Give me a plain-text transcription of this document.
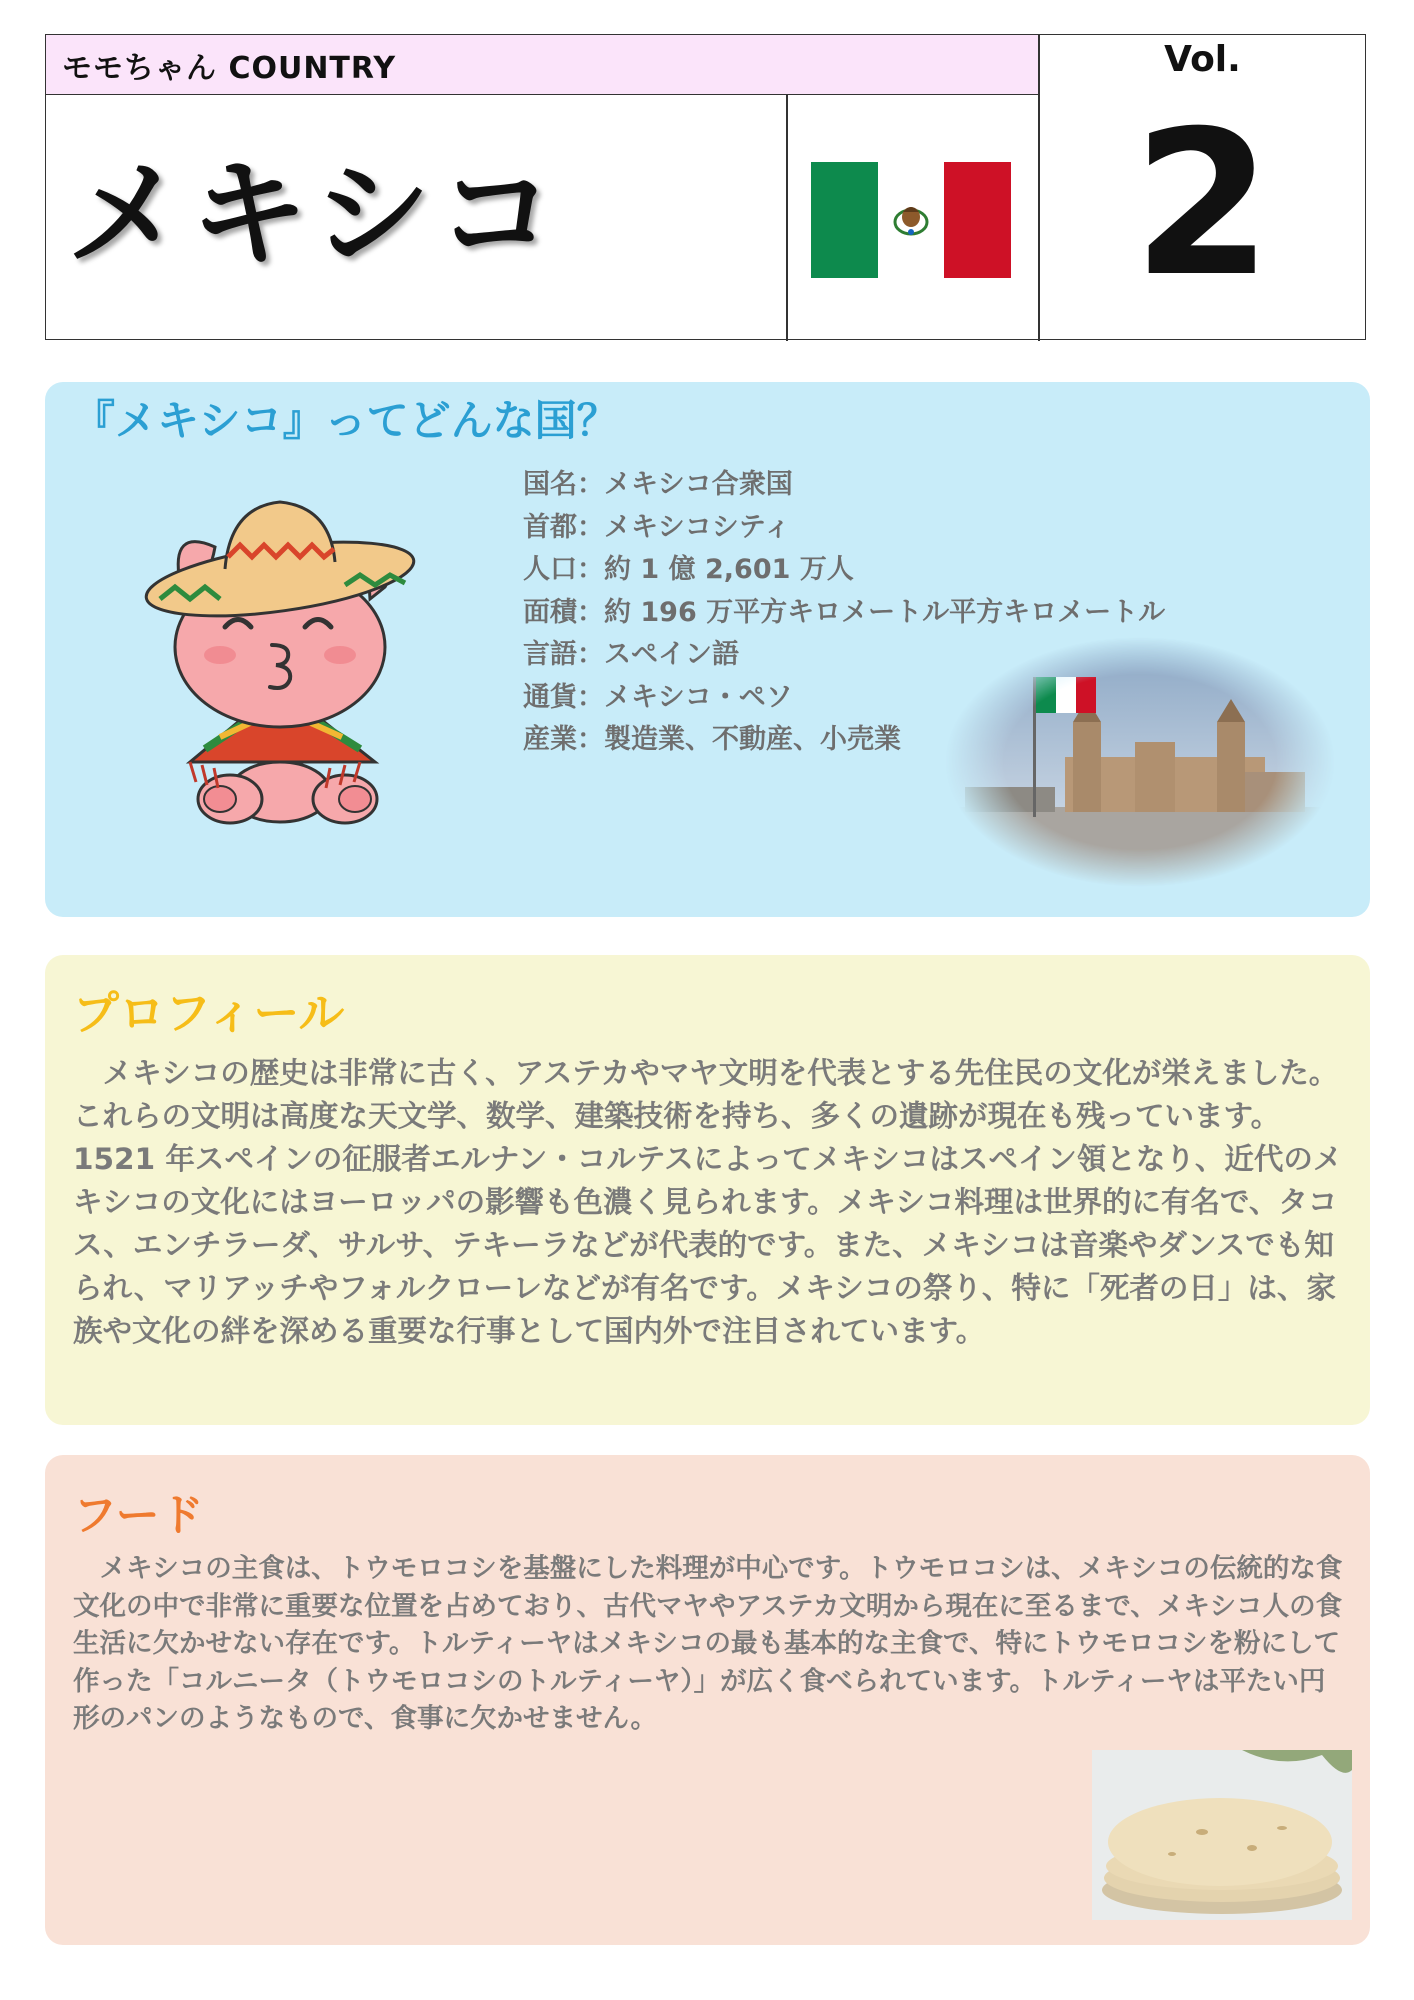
モモちゃん COUNTRY
メキシコ
Vol.
2
『メキシコ』ってどんな国？
国名：メキシコ合衆国
首都：メキシコシティ
人口：約 1 億 2,601 万人
面積：約 196 万平方キロメートル平方キロメートル
言語：スペイン語
通貨：メキシコ・ペソ
産業：製造業、不動産、小売業
プロフィール
　メキシコの歴史は非常に古く、アステカやマヤ文明を代表とする先住民の文化が栄えました。これらの文明は高度な天文学、数学、建築技術を持ち、多くの遺跡が現在も残っています。1521 年スペインの征服者エルナン・コルテスによってメキシコはスペイン領となり、近代のメキシコの文化にはヨーロッパの影響も色濃く見られます。メキシコ料理は世界的に有名で、タコス、エンチラーダ、サルサ、テキーラなどが代表的です。また、メキシコは音楽やダンスでも知られ、マリアッチやフォルクローレなどが有名です。メキシコの祭り、特に「死者の日」は、家族や文化の絆を深める重要な行事として国内外で注目されています。
フード
　メキシコの主食は、トウモロコシを基盤にした料理が中心です。トウモロコシは、メキシコの伝統的な食文化の中で非常に重要な位置を占めており、古代マヤやアステカ文明から現在に至るまで、メキシコ人の食生活に欠かせない存在です。トルティーヤはメキシコの最も基本的な主食で、特にトウモロコシを粉にして作った「コルニータ（トウモロコシのトルティーヤ）」が広く食べられています。トルティーヤは平たい円形のパンのようなもので、食事に欠かせません。
